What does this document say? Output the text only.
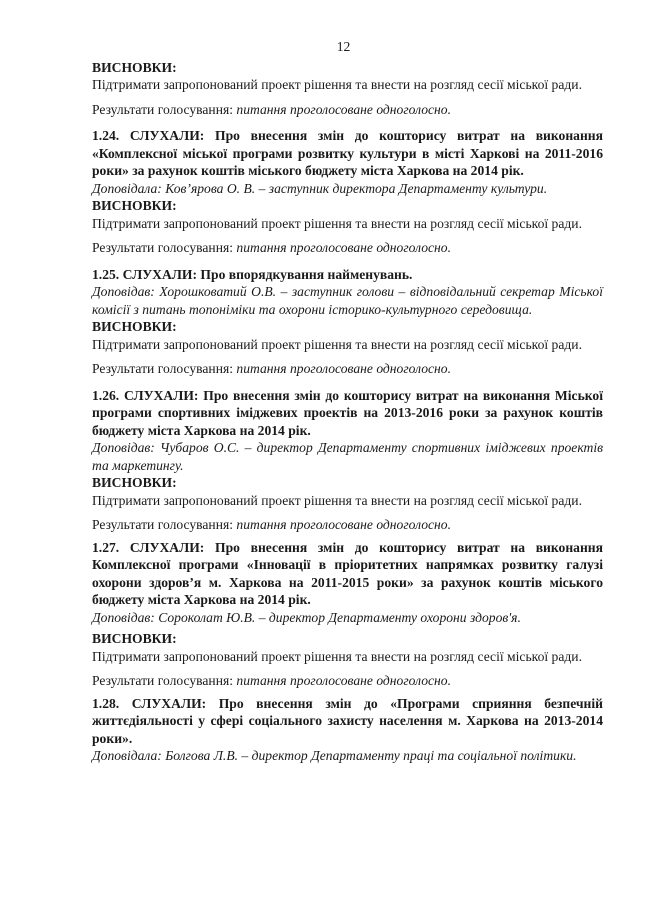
12
ВИСНОВКИ:
Підтримати запропонований проект рішення та внести на розгляд сесії міської ради.
Результати голосування: питання проголосоване одноголосно.
1.24. СЛУХАЛИ: Про внесення змін до кошторису витрат на виконання «Комплексної міської програми розвитку культури в місті Харкові на 2011-2016 роки» за рахунок коштів міського бюджету міста Харкова на 2014 рік.
Доповідала: Ков’ярова О. В. – заступник директора Департаменту культури.
ВИСНОВКИ:
Підтримати запропонований проект рішення та внести на розгляд сесії міської ради.
Результати голосування: питання проголосоване одноголосно.
1.25. СЛУХАЛИ: Про впорядкування найменувань.
Доповідав: Хорошковатий О.В. – заступник голови – відповідальний секретар Міської комісії з питань топоніміки та охорони історико-культурного середовища.
ВИСНОВКИ:
Підтримати запропонований проект рішення та внести на розгляд сесії міської ради.
Результати голосування: питання проголосоване одноголосно.
1.26. СЛУХАЛИ: Про внесення змін до кошторису витрат на виконання Міської програми спортивних іміджевих проектів на 2013-2016 роки за рахунок коштів бюджету міста Харкова на 2014 рік.
Доповідав: Чубаров О.С. – директор Департаменту спортивних іміджевих проектів та маркетингу.
ВИСНОВКИ:
Підтримати запропонований проект рішення та внести на розгляд сесії міської ради.
Результати голосування: питання проголосоване одноголосно.
1.27. СЛУХАЛИ: Про внесення змін до кошторису витрат на виконання Комплексної програми «Інновації в пріоритетних напрямках розвитку галузі охорони здоров’я м. Харкова на 2011-2015 роки» за рахунок коштів міського бюджету міста Харкова на 2014 рік.
Доповідав: Сороколат Ю.В. – директор Департаменту охорони здоров'я.
ВИСНОВКИ:
Підтримати запропонований проект рішення та внести на розгляд сесії міської ради.
Результати голосування: питання проголосоване одноголосно.
1.28. СЛУХАЛИ: Про внесення змін до «Програми сприяння безпечній життєдіяльності у сфері соціального захисту населення м. Харкова на 2013-2014 роки».
Доповідала: Болгова Л.В. – директор Департаменту праці та соціальної політики.
